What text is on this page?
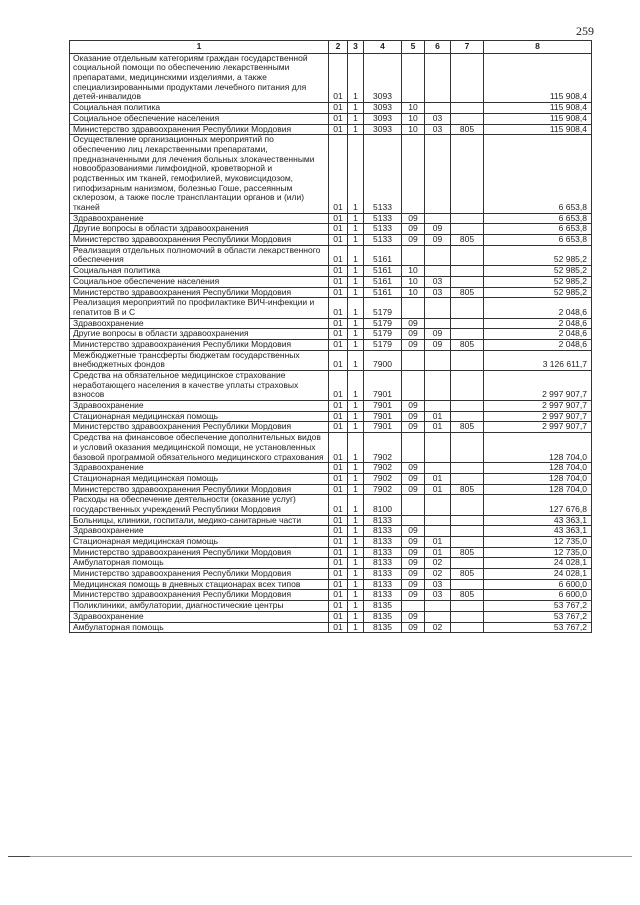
259
1	2	3	4	5	6	7	8
Оказание отдельным категориям граждан государственной социальной помощи по обеспечению лекарственными препаратами, медицинскими изделиями, а также специализированными продуктами лечебного питания для детей-инвалидов	01	1	3093				115 908,4
Социальная политика	01	1	3093	10			115 908,4
Социальное обеспечение населения	01	1	3093	10	03		115 908,4
Министерство здравоохранения Республики Мордовия	01	1	3093	10	03	805	115 908,4
Осуществление организационных мероприятий по обеспечению лиц лекарственными препаратами, предназначенными для лечения больных злокачественными новообразованиями лимфоидной, кроветворной и родственных им тканей, гемофилией, муковисцидозом, гипофизарным нанизмом, болезнью Гоше, рассеянным склерозом, а также после трансплантации органов и (или) тканей	01	1	5133				6 653,8
Здравоохранение	01	1	5133	09			6 653,8
Другие вопросы в области здравоохранения	01	1	5133	09	09		6 653,8
Министерство здравоохранения Республики Мордовия	01	1	5133	09	09	805	6 653,8
Реализация отдельных полномочий в области лекарственного обеспечения	01	1	5161				52 985,2
Социальная политика	01	1	5161	10			52 985,2
Социальное обеспечение населения	01	1	5161	10	03		52 985,2
Министерство здравоохранения Республики Мордовия	01	1	5161	10	03	805	52 985,2
Реализация мероприятий по профилактике ВИЧ-инфекции и гепатитов В и С	01	1	5179				2 048,6
Здравоохранение	01	1	5179	09			2 048,6
Другие вопросы в области здравоохранения	01	1	5179	09	09		2 048,6
Министерство здравоохранения Республики Мордовия	01	1	5179	09	09	805	2 048,6
Межбюджетные трансферты бюджетам государственных внебюджетных фондов	01	1	7900				3 126 611,7
Средства на обязательное медицинское страхование неработающего населения в качестве уплаты страховых взносов	01	1	7901				2 997 907,7
Здравоохранение	01	1	7901	09			2 997 907,7
Стационарная медицинская помощь	01	1	7901	09	01		2 997 907,7
Министерство здравоохранения Республики Мордовия	01	1	7901	09	01	805	2 997 907,7
Средства на финансовое обеспечение дополнительных видов и условий оказания медицинской помощи, не установленных базовой программой обязательного медицинского страхования	01	1	7902				128 704,0
Здравоохранение	01	1	7902	09			128 704,0
Стационарная медицинская помощь	01	1	7902	09	01		128 704,0
Министерство здравоохранения Республики Мордовия	01	1	7902	09	01	805	128 704,0
Расходы на обеспечение деятельности (оказание услуг) государственных учреждений Республики Мордовия	01	1	8100				127 676,8
Больницы, клиники, госпитали, медико-санитарные части	01	1	8133				43 363,1
Здравоохранение	01	1	8133	09			43 363,1
Стационарная медицинская помощь	01	1	8133	09	01		12 735,0
Министерство здравоохранения Республики Мордовия	01	1	8133	09	01	805	12 735,0
Амбулаторная помощь	01	1	8133	09	02		24 028,1
Министерство здравоохранения Республики Мордовия	01	1	8133	09	02	805	24 028,1
Медицинская помощь в дневных стационарах всех типов	01	1	8133	09	03		6 600,0
Министерство здравоохранения Республики Мордовия	01	1	8133	09	03	805	6 600,0
Поликлиники, амбулатории, диагностические центры	01	1	8135				53 767,2
Здравоохранение	01	1	8135	09			53 767,2
Амбулаторная помощь	01	1	8135	09	02		53 767,2
